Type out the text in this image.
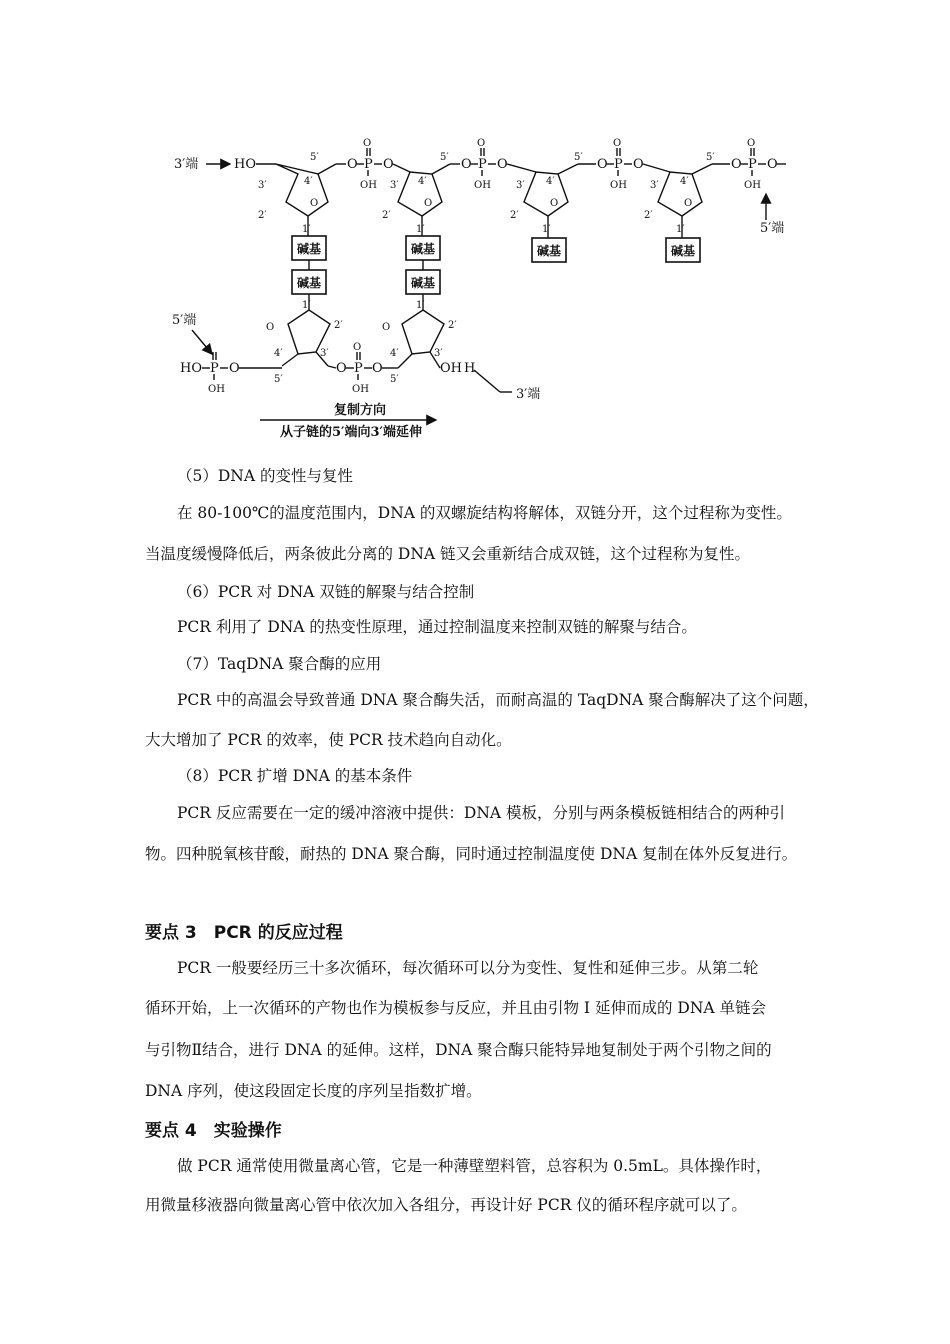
3′端	HO
O
3′	4′
2′
1′
5′ O P
O
OH
O
O
3′ 4′
2′
1′
5′ O P
O
OH
O
O
3′ 4′
2′
1′
5′ O P
O
OH
O
O
3′ 4′
2′
1′
5′ O P
O
OH
O
5′端
碱基	碱基	碱基	碱基
碱基	碱基
O
1′
2′
4′	3′
5′
5′端
HO P
OH
O	O P
O
OH
O
O
1′
2′
4′	3′
5′
OH H
3′端
复制方向
从子链的5′端向3′端延伸
（5）DNA 的变性与复性
在 80-100℃的温度范围内，DNA 的双螺旋结构将解体，双链分开，这个过程称为变性。
当温度缓慢降低后，两条彼此分离的 DNA 链又会重新结合成双链，这个过程称为复性。
（6）PCR 对 DNA 双链的解聚与结合控制
PCR 利用了 DNA 的热变性原理，通过控制温度来控制双链的解聚与结合。
（7）TaqDNA 聚合酶的应用
PCR 中的高温会导致普通 DNA 聚合酶失活，而耐高温的 TaqDNA 聚合酶解决了这个问题，
大大增加了 PCR 的效率，使 PCR 技术趋向自动化。
（8）PCR 扩增 DNA 的基本条件
PCR 反应需要在一定的缓冲溶液中提供：DNA 模板，分别与两条模板链相结合的两种引
物。四种脱氧核苷酸，耐热的 DNA 聚合酶，同时通过控制温度使 DNA 复制在体外反复进行。
要点 3　PCR 的反应过程
PCR 一般要经历三十多次循环，每次循环可以分为变性、复性和延伸三步。从第二轮
循环开始，上一次循环的产物也作为模板参与反应，并且由引物 Ⅰ 延伸而成的 DNA 单链会
与引物Ⅱ结合，进行 DNA 的延伸。这样，DNA 聚合酶只能特异地复制处于两个引物之间的
DNA 序列，使这段固定长度的序列呈指数扩增。
要点 4　实验操作
做 PCR 通常使用微量离心管，它是一种薄壁塑料管，总容积为 0.5mL。具体操作时，
用微量移液器向微量离心管中依次加入各组分，再设计好 PCR 仪的循环程序就可以了。
